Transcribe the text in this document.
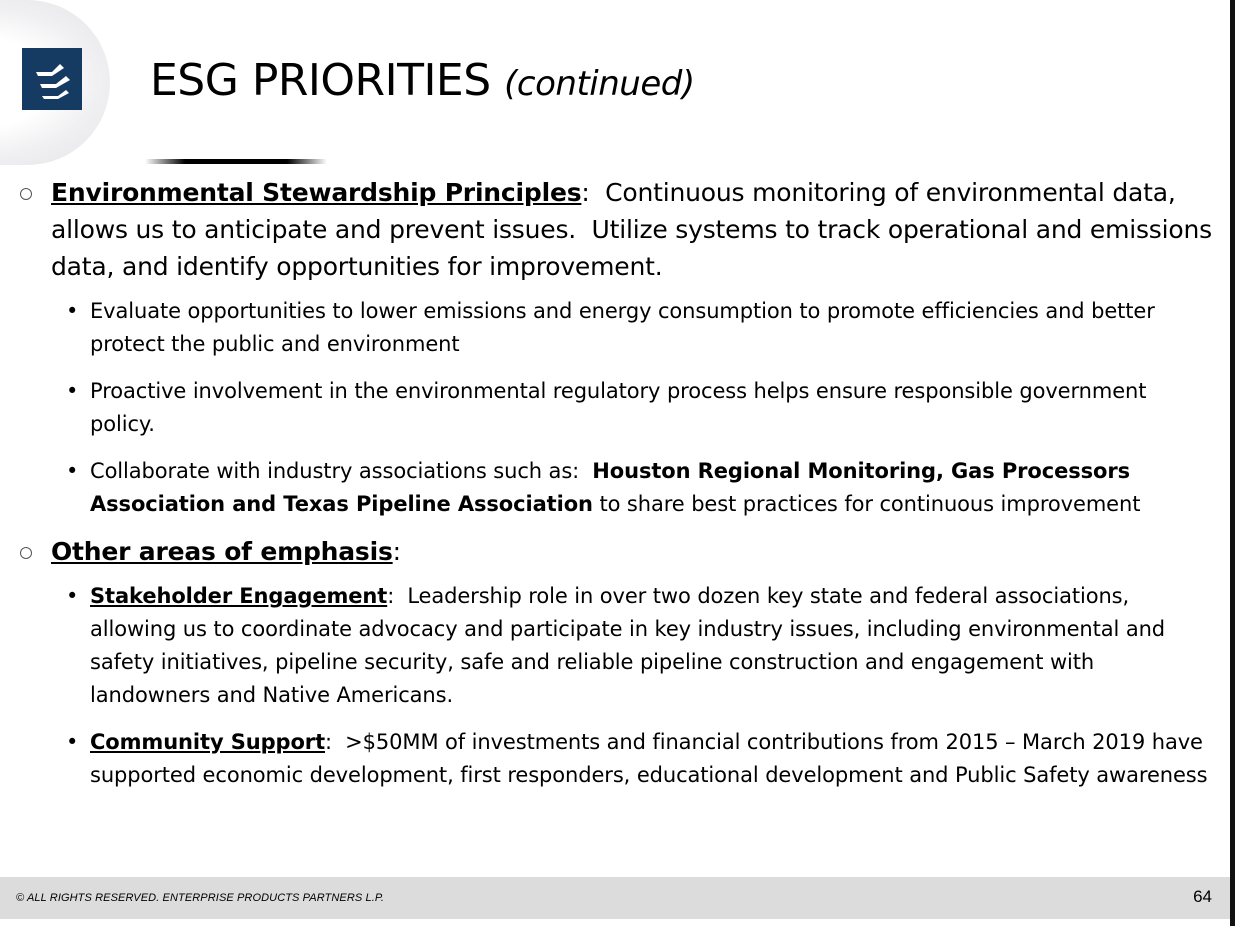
ESG PRIORITIES (continued)
Environmental Stewardship Principles:  Continuous monitoring of environmental data, allows us to anticipate and prevent issues.  Utilize systems to track operational and emissions data, and identify opportunities for improvement.
• Evaluate opportunities to lower emissions and energy consumption to promote efficiencies and better protect the public and environment
• Proactive involvement in the environmental regulatory process helps ensure responsible government policy.
• Collaborate with industry associations such as:  Houston Regional Monitoring, Gas Processors Association and Texas Pipeline Association to share best practices for continuous improvement
Other areas of emphasis:
• Stakeholder Engagement:  Leadership role in over two dozen key state and federal associations, allowing us to coordinate advocacy and participate in key industry issues, including environmental and safety initiatives, pipeline security, safe and reliable pipeline construction and engagement with landowners and Native Americans.
• Community Support:  >$50MM of investments and financial contributions from 2015 – March 2019 have supported economic development, first responders, educational development and Public Safety awareness
© ALL RIGHTS RESERVED. ENTERPRISE PRODUCTS PARTNERS L.P.	64
